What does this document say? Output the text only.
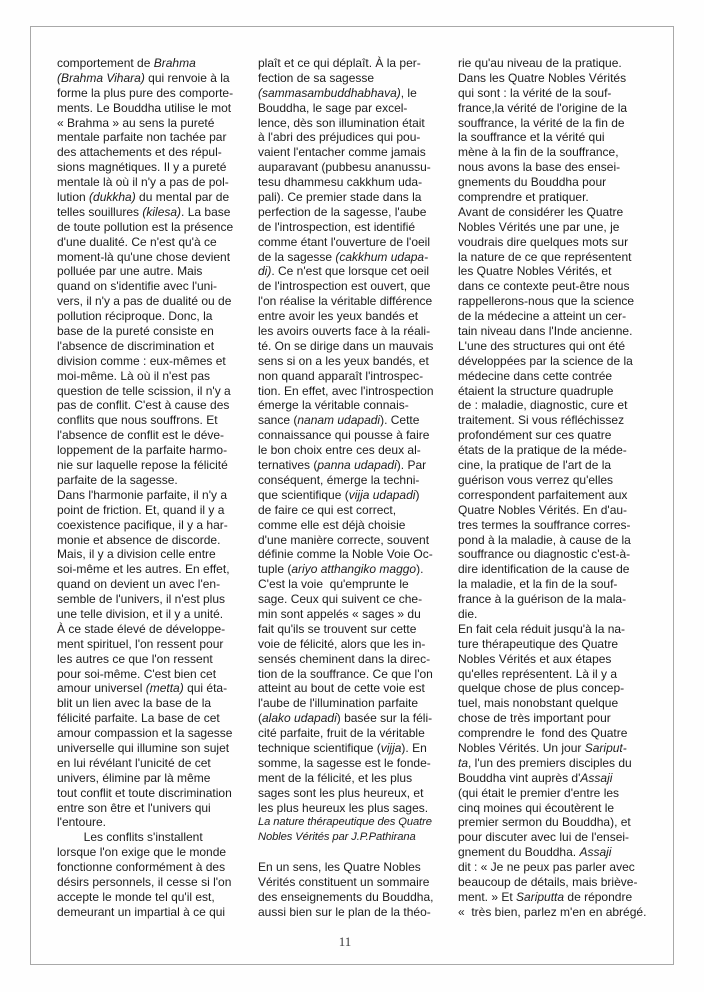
comportement de Brahma
(Brahma Vihara) qui renvoie à la
forme la plus pure des comporte-
ments. Le Bouddha utilise le mot
« Brahma » au sens la pureté
mentale parfaite non tachée par
des attachements et des répul-
sions magnétiques. Il y a pureté
mentale là où il n'y a pas de pol-
lution (dukkha) du mental par de
telles souillures (kilesa). La base
de toute pollution est la présence
d'une dualité. Ce n'est qu'à ce
moment-là qu'une chose devient
polluée par une autre. Mais
quand on s'identifie avec l'uni-
vers, il n'y a pas de dualité ou de
pollution réciproque. Donc, la
base de la pureté consiste en
l'absence de discrimination et
division comme : eux-mêmes et
moi-même. Là où il n'est pas
question de telle scission, il n'y a
pas de conflit. C'est à cause des
conflits que nous souffrons. Et
l'absence de conflit est le déve-
loppement de la parfaite harmo-
nie sur laquelle repose la félicité
parfaite de la sagesse.
Dans l'harmonie parfaite, il n'y a
point de friction. Et, quand il y a
coexistence pacifique, il y a har-
monie et absence de discorde.
Mais, il y a division celle entre
soi-même et les autres. En effet,
quand on devient un avec l'en-
semble de l'univers, il n'est plus
une telle division, et il y a unité.
À ce stade élevé de développe-
ment spirituel, l'on ressent pour
les autres ce que l'on ressent
pour soi-même. C'est bien cet
amour universel (metta) qui éta-
blit un lien avec la base de la
félicité parfaite. La base de cet
amour compassion et la sagesse
universelle qui illumine son sujet
en lui révélant l'unicité de cet
univers, élimine par là même
tout conflit et toute discrimination
entre son être et l'univers qui
l'entoure.
Les conflits s'installent
lorsque l'on exige que le monde
fonctionne conformément à des
désirs personnels, il cesse si l'on
accepte le monde tel qu'il est,
demeurant un impartial à ce qui
plaît et ce qui déplaît. À la per-
fection de sa sagesse
(sammasambuddhabhava), le
Bouddha, le sage par excel-
lence, dès son illumination était
à l'abri des préjudices qui pou-
vaient l'entacher comme jamais
auparavant (pubbesu ananussu-
tesu dhammesu cakkhum uda-
pali). Ce premier stade dans la
perfection de la sagesse, l'aube
de l'introspection, est identifié
comme étant l'ouverture de l'oeil
de la sagesse (cakkhum udapa-
di). Ce n'est que lorsque cet oeil
de l'introspection est ouvert, que
l'on réalise la véritable différence
entre avoir les yeux bandés et
les avoirs ouverts face à la réali-
té. On se dirige dans un mauvais
sens si on a les yeux bandés, et
non quand apparaît l'introspec-
tion. En effet, avec l'introspection
émerge la véritable connais-
sance (nanam udapadi). Cette
connaissance qui pousse à faire
le bon choix entre ces deux al-
ternatives (panna udapadi). Par
conséquent, émerge la techni-
que scientifique (vijja udapadi)
de faire ce qui est correct,
comme elle est déjà choisie
d'une manière correcte, souvent
définie comme la Noble Voie Oc-
tuple (ariyo atthangiko maggo).
C'est la voie  qu'emprunte le
sage. Ceux qui suivent ce che-
min sont appelés « sages » du
fait qu'ils se trouvent sur cette
voie de félicité, alors que les in-
sensés cheminent dans la direc-
tion de la souffrance. Ce que l'on
atteint au bout de cette voie est
l'aube de l'illumination parfaite
(alako udapadi) basée sur la féli-
cité parfaite, fruit de la véritable
technique scientifique (vijja). En
somme, la sagesse est le fonde-
ment de la félicité, et les plus
sages sont les plus heureux, et
les plus heureux les plus sages.
La nature thérapeutique des Quatre
Nobles Vérités par J.P.Pathirana
En un sens, les Quatre Nobles
Vérités constituent un sommaire
des enseignements du Bouddha,
aussi bien sur le plan de la théo-
rie qu'au niveau de la pratique.
Dans les Quatre Nobles Vérités
qui sont : la vérité de la souf-
france,la vérité de l'origine de la
souffrance, la vérité de la fin de
la souffrance et la vérité qui
mène à la fin de la souffrance,
nous avons la base des ensei-
gnements du Bouddha pour
comprendre et pratiquer.
Avant de considérer les Quatre
Nobles Vérités une par une, je
voudrais dire quelques mots sur
la nature de ce que représentent
les Quatre Nobles Vérités, et
dans ce contexte peut-être nous
rappellerons-nous que la science
de la médecine a atteint un cer-
tain niveau dans l'Inde ancienne.
L'une des structures qui ont été
développées par la science de la
médecine dans cette contrée
étaient la structure quadruple
de : maladie, diagnostic, cure et
traitement. Si vous réfléchissez
profondément sur ces quatre
états de la pratique de la méde-
cine, la pratique de l'art de la
guérison vous verrez qu'elles
correspondent parfaitement aux
Quatre Nobles Vérités. En d'au-
tres termes la souffrance corres-
pond à la maladie, à cause de la
souffrance ou diagnostic c'est-à-
dire identification de la cause de
la maladie, et la fin de la souf-
france à la guérison de la mala-
die.
En fait cela réduit jusqu'à la na-
ture thérapeutique des Quatre
Nobles Vérités et aux étapes
qu'elles représentent. Là il y a
quelque chose de plus concep-
tuel, mais nonobstant quelque
chose de très important pour
comprendre le  fond des Quatre
Nobles Vérités. Un jour Sariput-
ta, l'un des premiers disciples du
Bouddha vint auprès d'Assaji
(qui était le premier d'entre les
cinq moines qui écoutèrent le
premier sermon du Bouddha), et
pour discuter avec lui de l'ensei-
gnement du Bouddha. Assaji
dit : « Je ne peux pas parler avec
beaucoup de détails, mais briève-
ment. » Et Sariputta de répondre
«  très bien, parlez m'en en abrégé.
11
